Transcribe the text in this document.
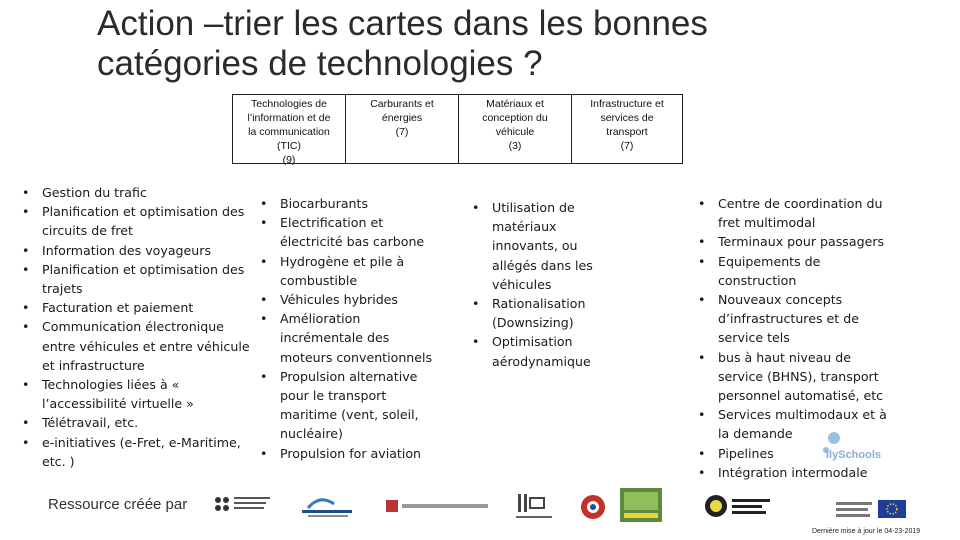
Action –trier les cartes dans les bonnes catégories de technologies ?
Technologies de
l’information et de
la communication
(TIC)
(9)
Carburants et
énergies
(7)
Matériaux et
conception du
véhicule
(3)
Infrastructure et
services de
transport
(7)
• Gestion du trafic
• Planification et optimisation des circuits de fret
• Information des voyageurs
• Planification et optimisation des trajets
• Facturation et paiement
• Communication électronique entre véhicules et entre véhicule et infrastructure
• Technologies liées à « l’accessibilité virtuelle »
• Télétravail, etc.
• e-initiatives (e-Fret, e-Maritime, etc. )
• Biocarburants
• Electrification et électricité bas carbone
• Hydrogène et pile à combustible
• Véhicules hybrides
• Amélioration incrémentale des moteurs conventionnels
• Propulsion alternative pour le transport maritime (vent, soleil, nucléaire)
• Propulsion for aviation
• Utilisation de matériaux innovants, ou allégés dans les véhicules
• Rationalisation (Downsizing)
• Optimisation aérodynamique
• Centre de coordination du fret multimodal
• Terminaux pour passagers
• Equipements de construction
• Nouveaux concepts d’infrastructures et de service tels
• bus à haut niveau de service (BHNS), transport personnel automatisé, etc
• Services multimodaux et à la demande
• Pipelines
• Intégration intermodale
IlySchools
Ressource créée par
Dernière mise à jour le 04-23-2019
